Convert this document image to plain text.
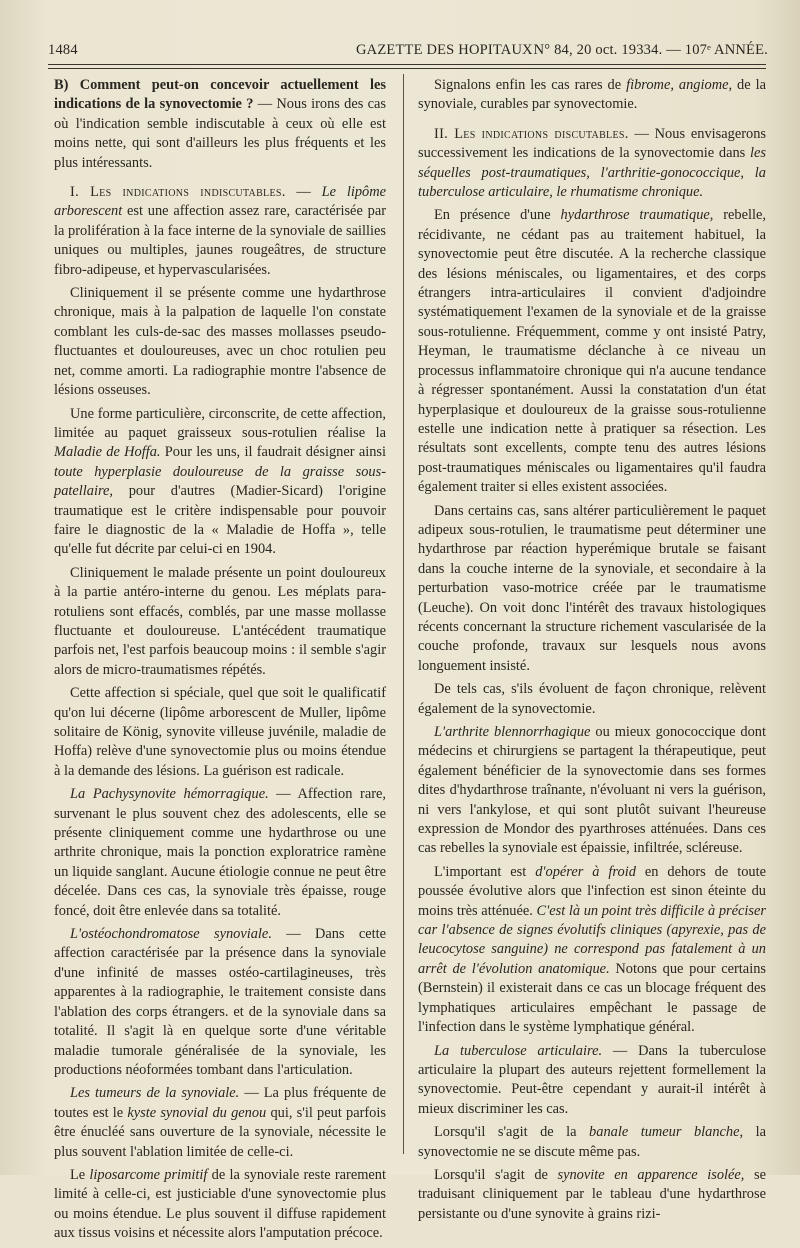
1484	GAZETTE DES HOPITAUX N° 84, 20 oct. 19334. — 107ᵉ ANNÉE.

B) Comment peut-on concevoir actuellement les indications de la synovectomie ? — Nous irons des cas où l'indication semble indiscutable à ceux où elle est moins nette, qui sont d'ailleurs les plus fréquents et les plus intéressants.

I. Les indications indiscutables. — Le lipôme arborescent est une affection assez rare, caractérisée par la prolifération à la face interne de la synoviale de saillies uniques ou multiples, jaunes rougeâtres, de structure fibro-adipeuse, et hypervascularisées.

Cliniquement il se présente comme une hydarthrose chronique, mais à la palpation de laquelle l'on constate comblant les culs-de-sac des masses mollasses pseudo-fluctuantes et douloureuses, avec un choc rotulien peu net, comme amorti. La radiographie montre l'absence de lésions osseuses.

Une forme particulière, circonscrite, de cette affection, limitée au paquet graisseux sous-rotulien réalise la Maladie de Hoffa. Pour les uns, il faudrait désigner ainsi toute hyperplasie douloureuse de la graisse sous-patellaire, pour d'autres (Madier-Sicard) l'origine traumatique est le critère indispensable pour pouvoir faire le diagnostic de la « Maladie de Hoffa », telle qu'elle fut décrite par celui-ci en 1904.

Cliniquement le malade présente un point douloureux à la partie antéro-interne du genou. Les méplats para-rotuliens sont effacés, comblés, par une masse mollasse fluctuante et douloureuse. L'antécédent traumatique parfois net, l'est parfois beaucoup moins : il semble s'agir alors de micro-traumatismes répétés.

Cette affection si spéciale, quel que soit le qualificatif qu'on lui décerne (lipôme arborescent de Muller, lipôme solitaire de König, synovite villeuse juvénile, maladie de Hoffa) relève d'une synovectomie plus ou moins étendue à la demande des lésions. La guérison est radicale.

La Pachysynovite hémorragique. — Affection rare, survenant le plus souvent chez des adolescents, elle se présente cliniquement comme une hydarthrose ou une arthrite chronique, mais la ponction exploratrice ramène un liquide sanglant. Aucune étiologie connue ne peut être décelée. Dans ces cas, la synoviale très épaisse, rouge foncé, doit être enlevée dans sa totalité.

L'ostéochondromatose synoviale. — Dans cette affection caractérisée par la présence dans la synoviale d'une infinité de masses ostéo-cartilagineuses, très apparentes à la radiographie, le traitement consiste dans l'ablation des corps étrangers. et de la synoviale dans sa totalité. Il s'agit là en quelque sorte d'une véritable maladie tumorale généralisée de la synoviale, les productions néoformées tombant dans l'articulation.

Les tumeurs de la synoviale. — La plus fréquente de toutes est le kyste synovial du genou qui, s'il peut parfois être énucléé sans ouverture de la synoviale, nécessite le plus souvent l'ablation limitée de celle-ci.

Le liposarcome primitif de la synoviale reste rarement limité à celle-ci, est justiciable d'une synovectomie plus ou moins étendue. Le plus souvent il diffuse rapidement aux tissus voisins et nécessite alors l'amputation précoce.

Signalons enfin les cas rares de fibrome, angiome, de la synoviale, curables par synovectomie.

II. Les indications discutables. — Nous envisagerons successivement les indications de la synovectomie dans les séquelles post-traumatiques, l'arthritie-gonococcique, la tuberculose articulaire, le rhumatisme chronique.

En présence d'une hydarthrose traumatique, rebelle, récidivante, ne cédant pas au traitement habituel, la synovectomie peut être discutée. A la recherche classique des lésions méniscales, ou ligamentaires, et des corps étrangers intra-articulaires il convient d'adjoindre systématiquement l'examen de la synoviale et de la graisse sous-rotulienne. Fréquemment, comme y ont insisté Patry, Heyman, le traumatisme déclanche à ce niveau un processus inflammatoire chronique qui n'a aucune tendance à régresser spontanément. Aussi la constatation d'un état hyperplasique et douloureux de la graisse sous-rotulienne estelle une indication nette à pratiquer sa résection. Les résultats sont excellents, compte tenu des autres lésions post-traumatiques méniscales ou ligamentaires qu'il faudra également traiter si elles existent associées.

Dans certains cas, sans altérer particulièrement le paquet adipeux sous-rotulien, le traumatisme peut déterminer une hydarthrose par réaction hyperémique brutale se faisant dans la couche interne de la synoviale, et secondaire à la perturbation vaso-motrice créée par le traumatisme (Leuche). On voit donc l'intérêt des travaux histologiques récents concernant la structure richement vascularisée de la couche profonde, travaux sur lesquels nous avons longuement insisté.

De tels cas, s'ils évoluent de façon chronique, relèvent également de la synovectomie.

L'arthrite blennorrhagique ou mieux gonococcique dont médecins et chirurgiens se partagent la thérapeutique, peut également bénéficier de la synovectomie dans ses formes dites d'hydarthrose traînante, n'évoluant ni vers la guérison, ni vers l'ankylose, et qui sont plutôt suivant l'heureuse expression de Mondor des pyarthroses atténuées. Dans ces cas rebelles la synoviale est épaissie, infiltrée, scléreuse.

L'important est d'opérer à froid en dehors de toute poussée évolutive alors que l'infection est sinon éteinte du moins très atténuée. C'est là un point très difficile à préciser car l'absence de signes évolutifs cliniques (apyrexie, pas de leucocytose sanguine) ne correspond pas fatalement à un arrêt de l'évolution anatomique. Notons que pour certains (Bernstein) il existerait dans ce cas un blocage fréquent des lymphatiques articulaires empêchant le passage de l'infection dans le système lymphatique général.

La tuberculose articulaire. — Dans la tuberculose articulaire la plupart des auteurs rejettent formellement la synovectomie. Peut-être cependant y aurait-il intérêt à mieux discriminer les cas.

Lorsqu'il s'agit de la banale tumeur blanche, la synovectomie ne se discute même pas.

Lorsqu'il s'agit de synovite en apparence isolée, se traduisant cliniquement par le tableau d'une hydarthrose persistante ou d'une synovite à grains rizi-
